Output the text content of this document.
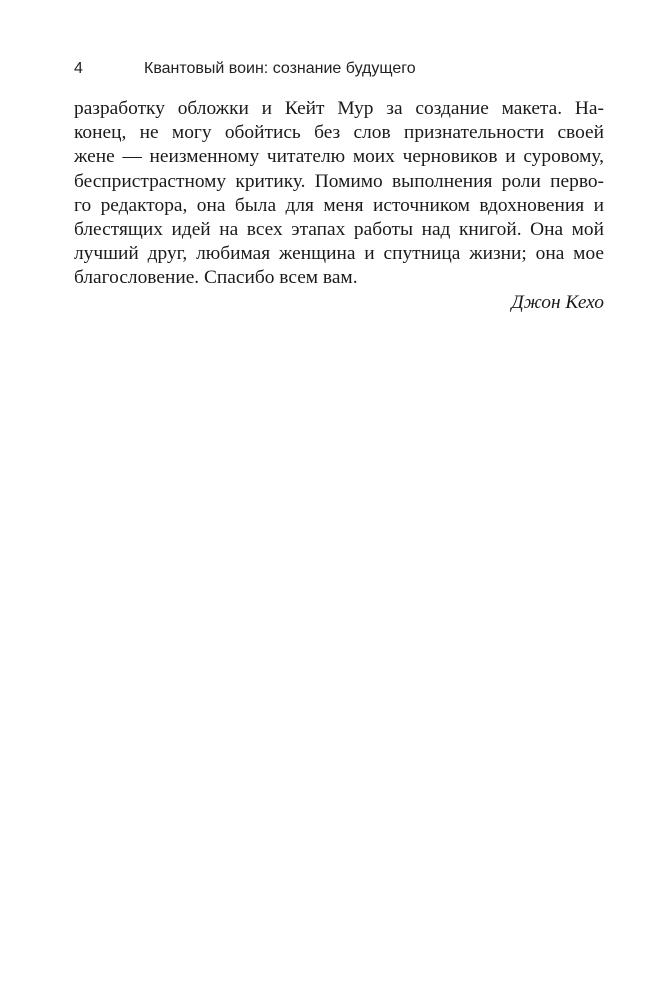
4	Квантовый воин: сознание будущего
разработку обложки и Кейт Мур за создание макета. На-
конец, не могу обойтись без слов признательности своей
жене — неизменному читателю моих черновиков и суровому,
беспристрастному критику. Помимо выполнения роли перво-
го редактора, она была для меня источником вдохновения и
блестящих идей на всех этапах работы над книгой. Она мой
лучший друг, любимая женщина и спутница жизни; она мое
благословение. Спасибо всем вам.
Джон Кехо
